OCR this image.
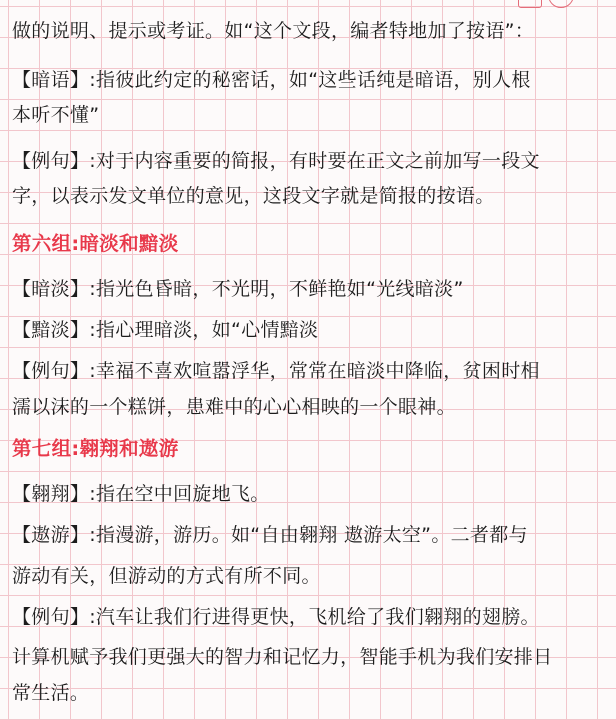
做的说明、提示或考证。如“这个文段，编者特地加了按语”：
【暗语】:指彼此约定的秘密话，如“这些话纯是暗语，别人根
本听不懂”
【例句】:对于内容重要的简报，有时要在正文之前加写一段文
字，以表示发文单位的意见，这段文字就是简报的按语。
第六组:暗淡和黯淡
【暗淡】:指光色昏暗，不光明，不鲜艳如“光线暗淡”
【黯淡】:指心理暗淡，如“心情黯淡
【例句】:幸福不喜欢喧嚣浮华，常常在暗淡中降临，贫困时相
濡以沫的一个糕饼，患难中的心心相映的一个眼神。
第七组:翱翔和遨游
【翱翔】:指在空中回旋地飞。
【遨游】:指漫游，游历。如“自由翱翔 遨游太空”。二者都与
游动有关，但游动的方式有所不同。
【例句】:汽车让我们行进得更快，飞机给了我们翱翔的翅膀。
计算机赋予我们更强大的智力和记忆力，智能手机为我们安排日
常生活。
